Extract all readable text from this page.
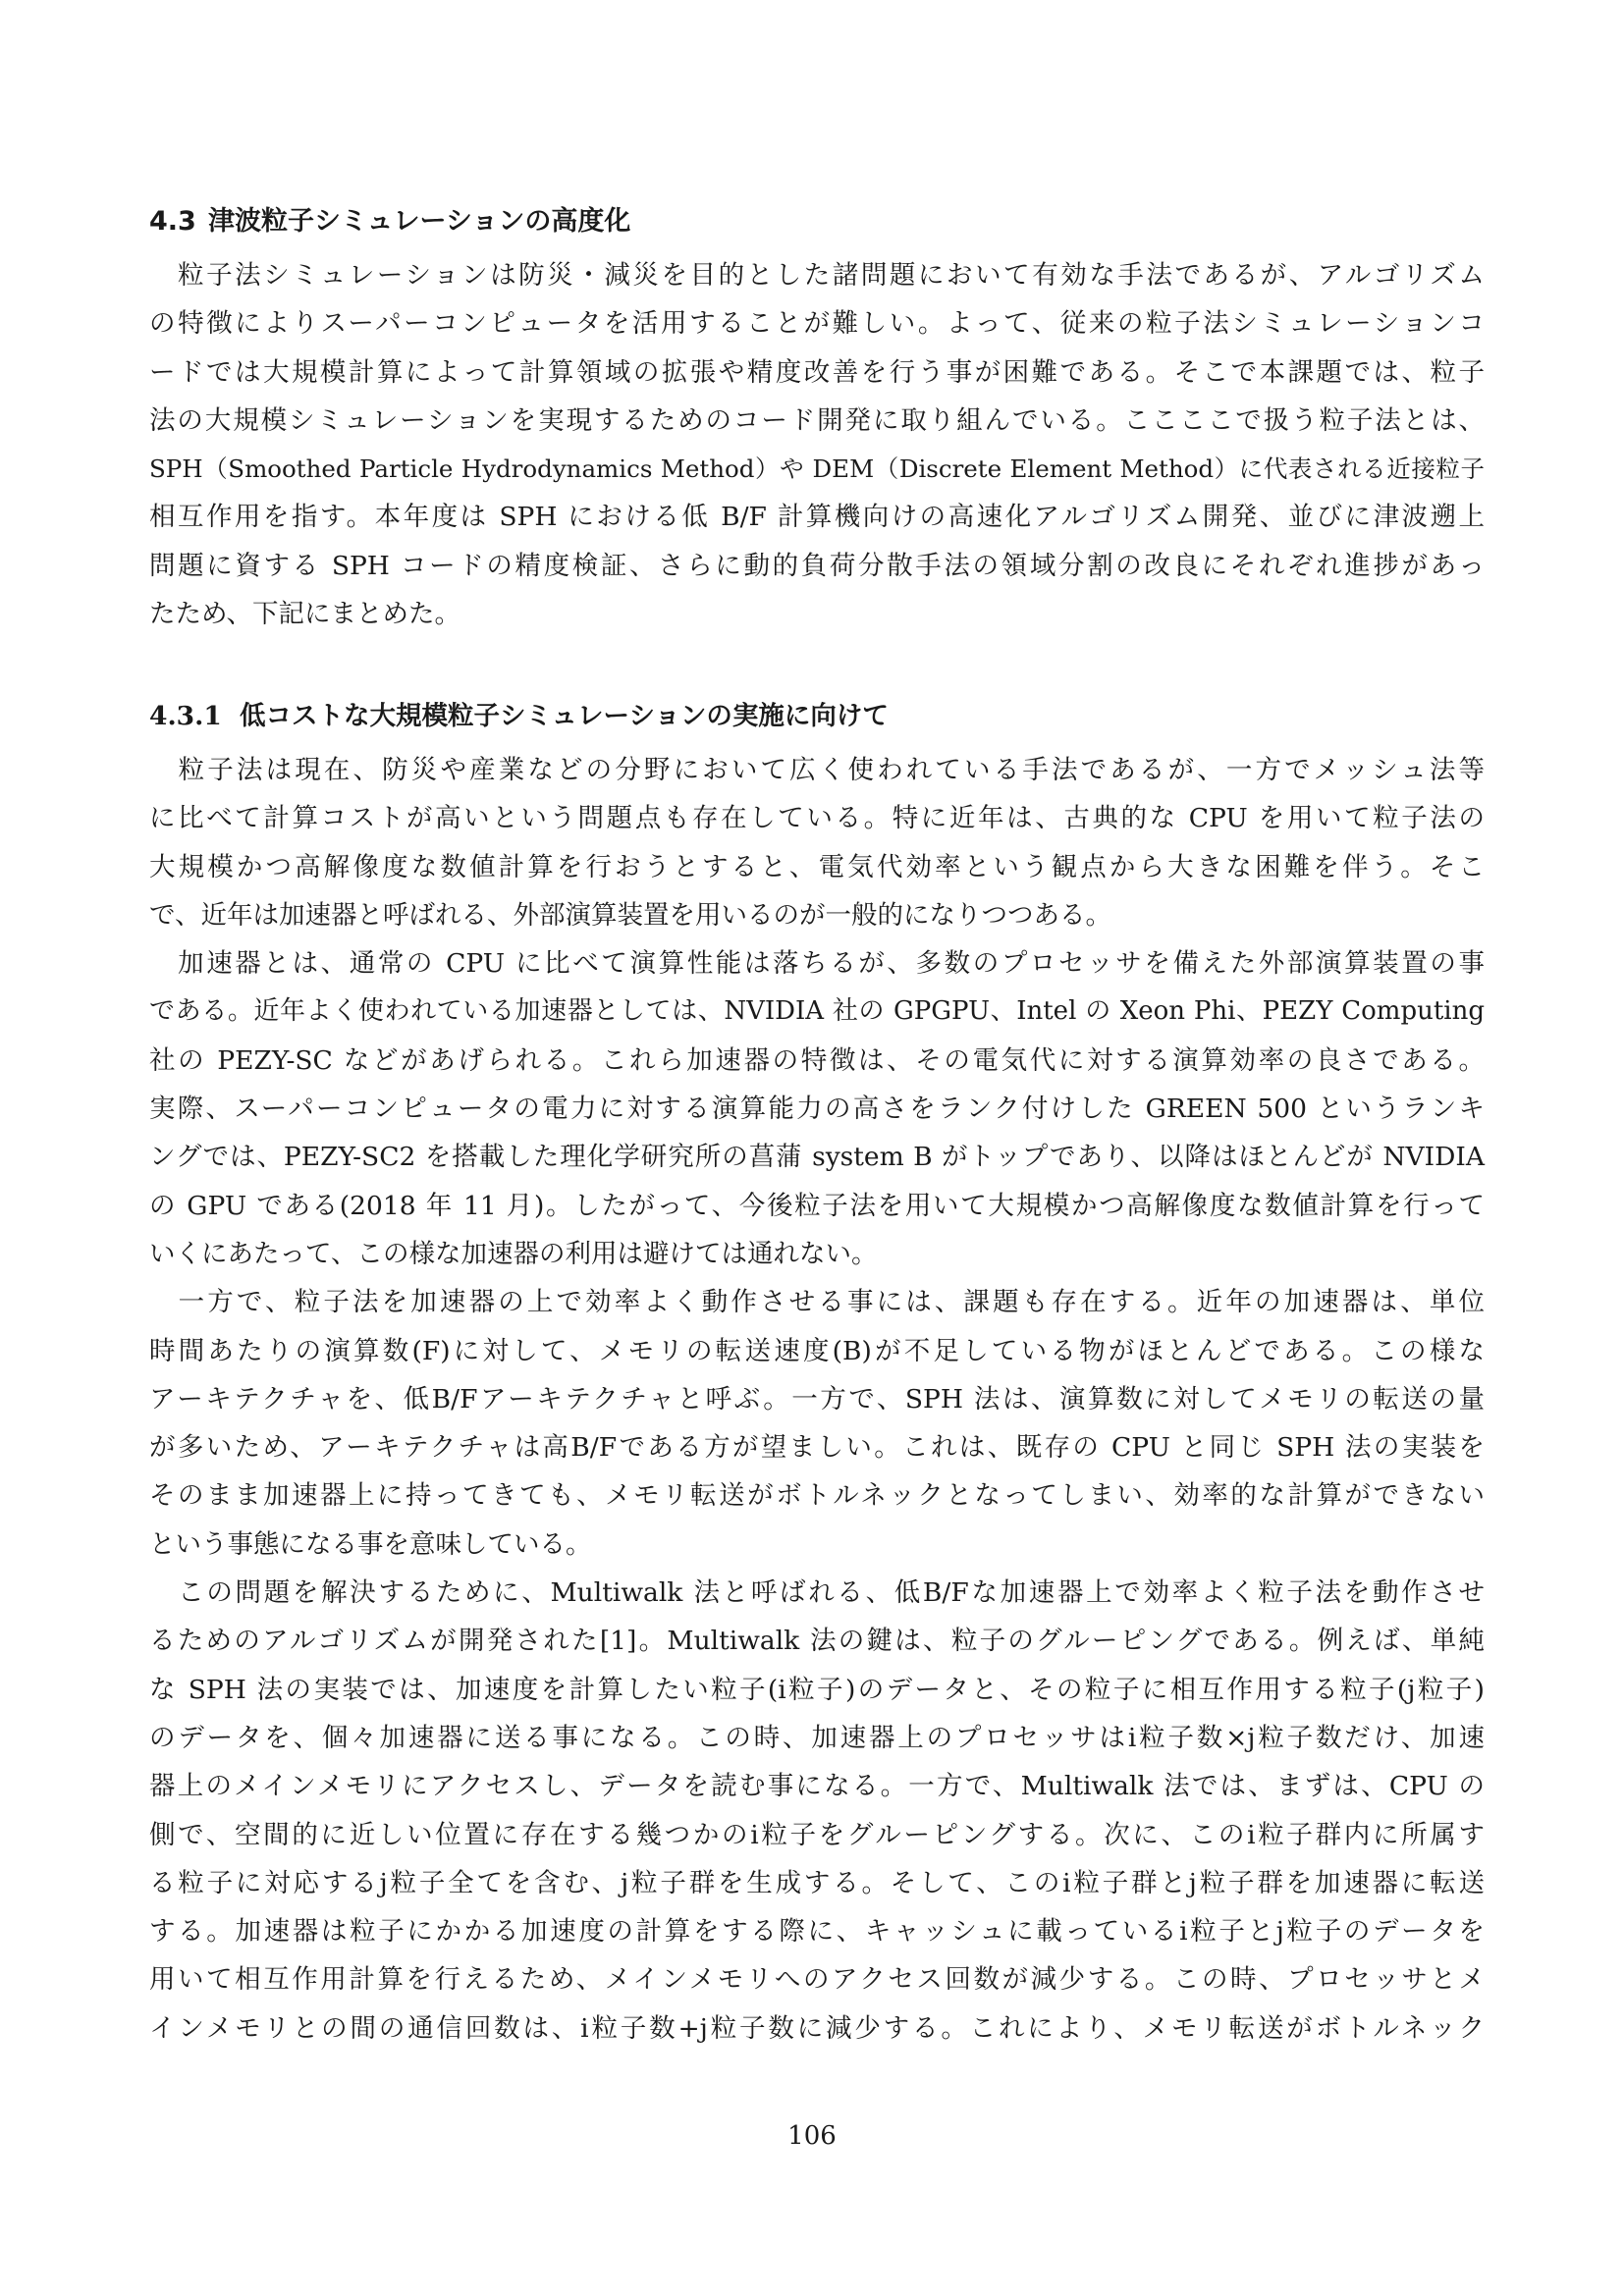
4.3 津波粒子シミュレーションの高度化
　粒子法シミュレーションは防災・減災を目的とした諸問題において有効な手法であるが、アルゴリズム
の特徴によりスーパーコンピュータを活用することが難しい。よって、従来の粒子法シミュレーションコ
ードでは大規模計算によって計算領域の拡張や精度改善を行う事が困難である。そこで本課題では、粒子
法の大規模シミュレーションを実現するためのコード開発に取り組んでいる。ここここで扱う粒子法とは、
SPH（Smoothed Particle Hydrodynamics Method）や DEM（Discrete Element Method）に代表される近接粒子
相互作用を指す。本年度は SPH における低 B/F 計算機向けの高速化アルゴリズム開発、並びに津波遡上
問題に資する SPH コードの精度検証、さらに動的負荷分散手法の領域分割の改良にそれぞれ進捗があっ
たため、下記にまとめた。
4.3.1 低コストな大規模粒子シミュレーションの実施に向けて
　粒子法は現在、防災や産業などの分野において広く使われている手法であるが、一方でメッシュ法等
に比べて計算コストが高いという問題点も存在している。特に近年は、古典的な CPU を用いて粒子法の
大規模かつ高解像度な数値計算を行おうとすると、電気代効率という観点から大きな困難を伴う。そこ
で、近年は加速器と呼ばれる、外部演算装置を用いるのが一般的になりつつある。
　加速器とは、通常の CPU に比べて演算性能は落ちるが、多数のプロセッサを備えた外部演算装置の事
である。近年よく使われている加速器としては、NVIDIA 社の GPGPU、Intel の Xeon Phi、PEZY Computing
社の PEZY-SC などがあげられる。これら加速器の特徴は、その電気代に対する演算効率の良さである。
実際、スーパーコンピュータの電力に対する演算能力の高さをランク付けした GREEN 500 というランキ
ングでは、PEZY-SC2 を搭載した理化学研究所の菖蒲 system B がトップであり、以降はほとんどが NVIDIA
の GPU である(2018 年 11 月)。したがって、今後粒子法を用いて大規模かつ高解像度な数値計算を行って
いくにあたって、この様な加速器の利用は避けては通れない。
　一方で、粒子法を加速器の上で効率よく動作させる事には、課題も存在する。近年の加速器は、単位
時間あたりの演算数(F)に対して、メモリの転送速度(B)が不足している物がほとんどである。この様な
アーキテクチャを、低B/Fアーキテクチャと呼ぶ。一方で、SPH 法は、演算数に対してメモリの転送の量
が多いため、アーキテクチャは高B/Fである方が望ましい。これは、既存の CPU と同じ SPH 法の実装を
そのまま加速器上に持ってきても、メモリ転送がボトルネックとなってしまい、効率的な計算ができない
という事態になる事を意味している。
　この問題を解決するために、Multiwalk 法と呼ばれる、低B/Fな加速器上で効率よく粒子法を動作させ
るためのアルゴリズムが開発された[1]。Multiwalk 法の鍵は、粒子のグルーピングである。例えば、単純
な SPH 法の実装では、加速度を計算したい粒子(i粒子)のデータと、その粒子に相互作用する粒子(j粒子)
のデータを、個々加速器に送る事になる。この時、加速器上のプロセッサはi粒子数×j粒子数だけ、加速
器上のメインメモリにアクセスし、データを読む事になる。一方で、Multiwalk 法では、まずは、CPU の
側で、空間的に近しい位置に存在する幾つかのi粒子をグルーピングする。次に、このi粒子群内に所属す
る粒子に対応するj粒子全てを含む、j粒子群を生成する。そして、このi粒子群とj粒子群を加速器に転送
する。加速器は粒子にかかる加速度の計算をする際に、キャッシュに載っているi粒子とj粒子のデータを
用いて相互作用計算を行えるため、メインメモリへのアクセス回数が減少する。この時、プロセッサとメ
インメモリとの間の通信回数は、i粒子数+j粒子数に減少する。これにより、メモリ転送がボトルネック
106
